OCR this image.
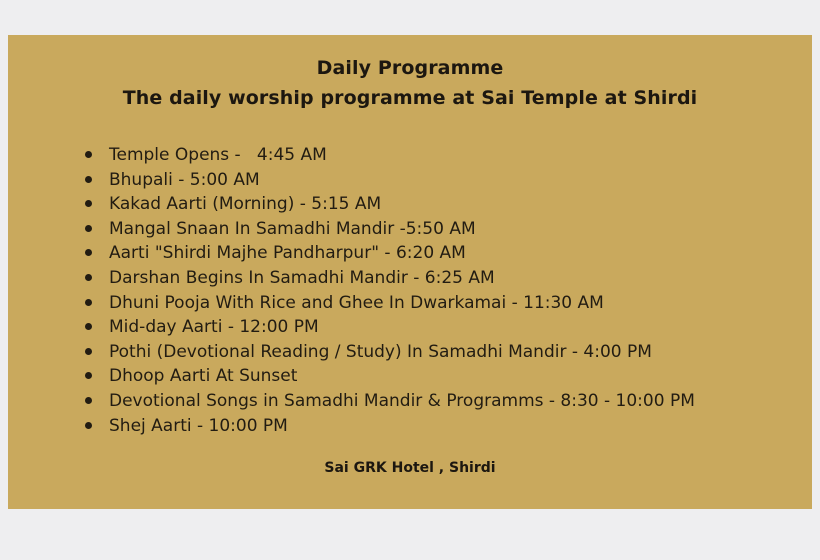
Daily Programme
The daily worship programme at Sai Temple at Shirdi
Temple Opens -   4:45 AM
Bhupali - 5:00 AM
Kakad Aarti (Morning) - 5:15 AM
Mangal Snaan In Samadhi Mandir -5:50 AM
Aarti "Shirdi Majhe Pandharpur" - 6:20 AM
Darshan Begins In Samadhi Mandir - 6:25 AM
Dhuni Pooja With Rice and Ghee In Dwarkamai - 11:30 AM
Mid-day Aarti - 12:00 PM
Pothi (Devotional Reading / Study) In Samadhi Mandir - 4:00 PM
Dhoop Aarti At Sunset
Devotional Songs in Samadhi Mandir & Programms - 8:30 - 10:00 PM
Shej Aarti - 10:00 PM
Sai GRK Hotel , Shirdi
